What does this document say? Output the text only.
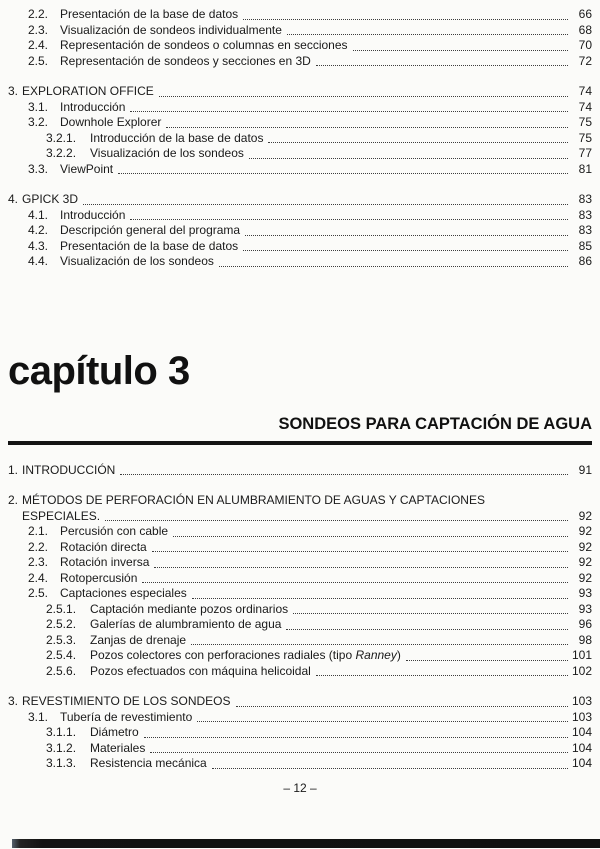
2.2. Presentación de la base de datos	66
2.3. Visualización de sondeos individualmente	68
2.4. Representación de sondeos o columnas en secciones	70
2.5. Representación de sondeos y secciones en 3D	72
3. EXPLORATION OFFICE	74
3.1. Introducción	74
3.2. Downhole Explorer	75
3.2.1.	Introducción de la base de datos	75
3.2.2.	Visualización de los sondeos	77
3.3. ViewPoint	81
4. GPICK 3D	83
4.1. Introducción	83
4.2. Descripción general del programa	83
4.3. Presentación de la base de datos	85
4.4. Visualización de los sondeos	86
capítulo 3
SONDEOS PARA CAPTACIÓN DE AGUA
1. INTRODUCCIÓN	91
2. MÉTODOS DE PERFORACIÓN EN ALUMBRAMIENTO DE AGUAS Y CAPTACIONES
ESPECIALES.	92
2.1. Percusión con cable	92
2.2. Rotación directa	92
2.3. Rotación inversa	92
2.4. Rotopercusión	92
2.5. Captaciones especiales	93
2.5.1.	Captación mediante pozos ordinarios	93
2.5.2.	Galerías de alumbramiento de agua	96
2.5.3.	Zanjas de drenaje	98
2.5.4.	Pozos colectores con perforaciones radiales (tipo Ranney)	101
2.5.6.	Pozos efectuados con máquina helicoidal	102
3. REVESTIMIENTO DE LOS SONDEOS	103
3.1. Tubería de revestimiento	103
3.1.1.	Diámetro	104
3.1.2.	Materiales	104
3.1.3.	Resistencia mecánica	104
– 12 –
